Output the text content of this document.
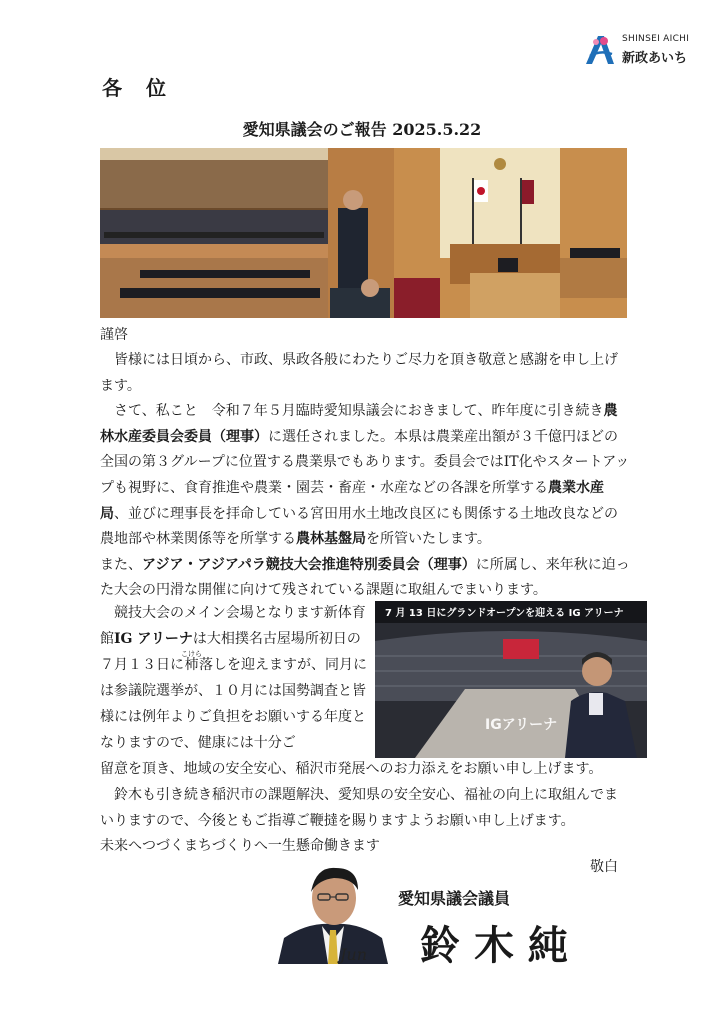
SHINSEI AICHI
新政あいち
各位
愛知県議会のご報告 2025.5.22
謹啓

皆様には日頃から、市政、県政各般にわたりご尽力を頂き敬意と感謝を申し上げます。

さて、私こと　令和７年５月臨時愛知県議会におきまして、昨年度に引き続き農林水産委員会委員（理事）に選任されました。本県は農業産出額が３千億円ほどの全国の第３グループに位置する農業県でもあります。委員会ではIT化やスタートアップも視野に、食育推進や農業・園芸・畜産・水産などの各課を所掌する農業水産局、並びに理事長を拝命している宮田用水土地改良区にも関係する土地改良などの農地部や林業関係等を所掌する農林基盤局を所管いたします。

また、アジア・アジアパラ競技大会推進特別委員会（理事）に所属し、来年秋に迫った大会の円滑な開催に向けて残されている課題に取組んでまいります。

競技大会のメイン会場となります新体育館IG アリーナは大相撲名古屋場所初日の７月１３日に杮こけら落しを迎えますが、同月には参議院選挙が、１０月には国勢調査と皆様には例年よりご負担をお願いする年度となりますので、健康には十分ご
7 月 13 日にグランドオープンを迎える IG アリーナ
IGアリーナ

留意を頂き、地域の安全安心、稲沢市発展へのお力添えをお願い申し上げます。

鈴木も引き続き稲沢市の課題解決、愛知県の安全安心、福祉の向上に取組んでまいりますので、今後ともご指導ご鞭撻を賜りますようお願い申し上げます。

未来へつづくまちづくりへ一生懸命働きます

敬白
Jun
愛知県議会議員
鈴木純
